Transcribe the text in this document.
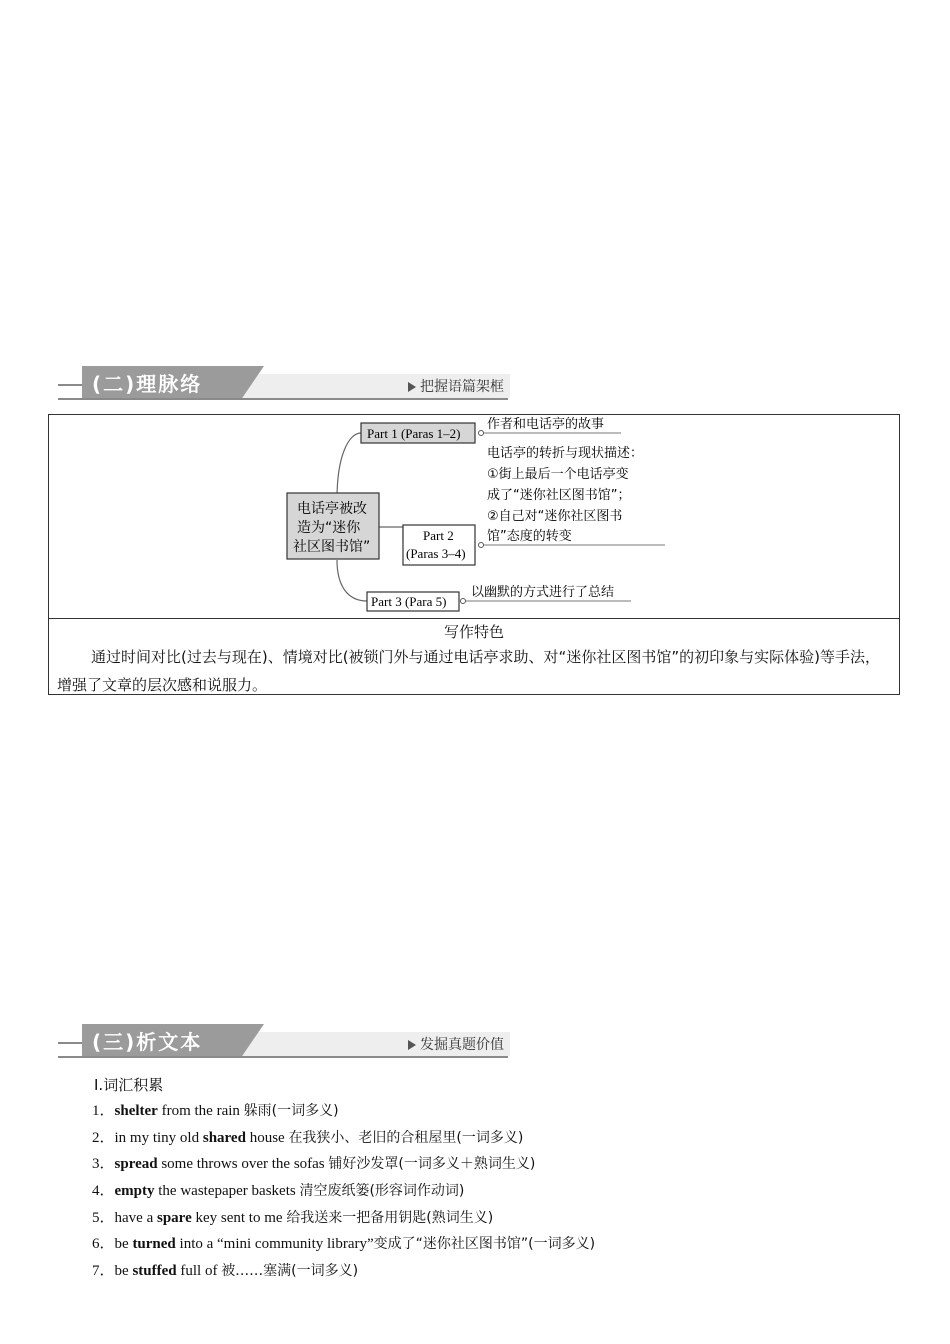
(二)理脉络	把握语篇架框
电话亭被改
造为“迷你
社区图书馆”
Part 1 (Paras 1–2)
作者和电话亭的故事
Part 2
(Paras 3–4)
电话亭的转折与现状描述：
①街上最后一个电话亭变
成了“迷你社区图书馆”；
②自己对“迷你社区图书
馆”态度的转变
Part 3 (Para 5)
以幽默的方式进行了总结
写作特色
通过时间对比(过去与现在)、情境对比(被锁门外与通过电话亭求助、对“迷你社区图书馆”的初印象与实际体验)等手法，增强了文章的层次感和说服力。
(三)析文本	发掘真题价值
Ⅰ.词汇积累
1．shelter from the rain 躲雨(一词多义)
2．in my tiny old shared house 在我狭小、老旧的合租屋里(一词多义)
3．spread some throws over the sofas 铺好沙发罩(一词多义＋熟词生义)
4．empty the wastepaper baskets 清空废纸篓(形容词作动词)
5．have a spare key sent to me 给我送来一把备用钥匙(熟词生义)
6．be turned into a “mini community library”变成了“迷你社区图书馆”(一词多义)
7．be stuffed full of 被……塞满(一词多义)
